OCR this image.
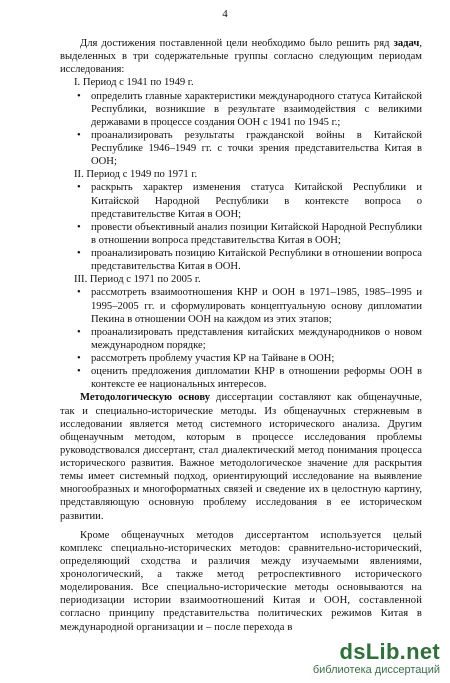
4

Для достижения поставленной цели необходимо было решить ряд задач, выделенных в три содержательные группы согласно следующим периодам исследования:

I. Период с 1941 по 1949 г.

• определить главные характеристики международного статуса Китайской Республики, возникшие в результате взаимодействия с великими державами в процессе создания ООН с 1941 по 1945 г.;
• проанализировать результаты гражданской войны в Китайской Республике 1946–1949 гг. с точки зрения представительства Китая в ООН;

II. Период с 1949 по 1971 г.

• раскрыть характер изменения статуса Китайской Республики и Китайской Народной Республики в контексте вопроса о представительстве Китая в ООН;
• провести объективный анализ позиции Китайской Народной Республики в отношении вопроса представительства Китая в ООН;
• проанализировать позицию Китайской Республики в отношении вопроса представительства Китая в ООН.

III. Период с 1971 по 2005 г.

• рассмотреть взаимоотношения КНР и ООН в 1971–1985, 1985–1995 и 1995–2005 гг. и сформулировать концептуальную основу дипломатии Пекина в отношении ООН на каждом из этих этапов;
• проанализировать представления китайских международников о новом международном порядке;
• рассмотреть проблему участия КР на Тайване в ООН;
• оценить предложения дипломатии КНР в отношении реформы ООН в контексте ее национальных интересов.

Методологическую основу диссертации составляют как общенаучные, так и специально-исторические методы. Из общенаучных стержневым в исследовании является метод системного исторического анализа. Другим общенаучным методом, которым в процессе исследования проблемы руководствовался диссертант, стал диалектический метод понимания процесса исторического развития. Важное методологическое значение для раскрытия темы имеет системный подход, ориентирующий исследование на выявление многообразных и многоформатных связей и сведение их в целостную картину, представляющую основную проблему исследования в ее историческом развитии.

Кроме общенаучных методов диссертантом используется целый комплекс специально-исторических методов: сравнительно-исторический, определяющий сходства и различия между изучаемыми явлениями, хронологический, а также метод ретроспективного исторического моделирования. Все специально-исторические методы основываются на периодизации истории взаимоотношений Китая и ООН, составленной согласно принципу представительства политических режимов Китая в международной организации и – после перехода в

dsLib.net
библиотека диссертаций
